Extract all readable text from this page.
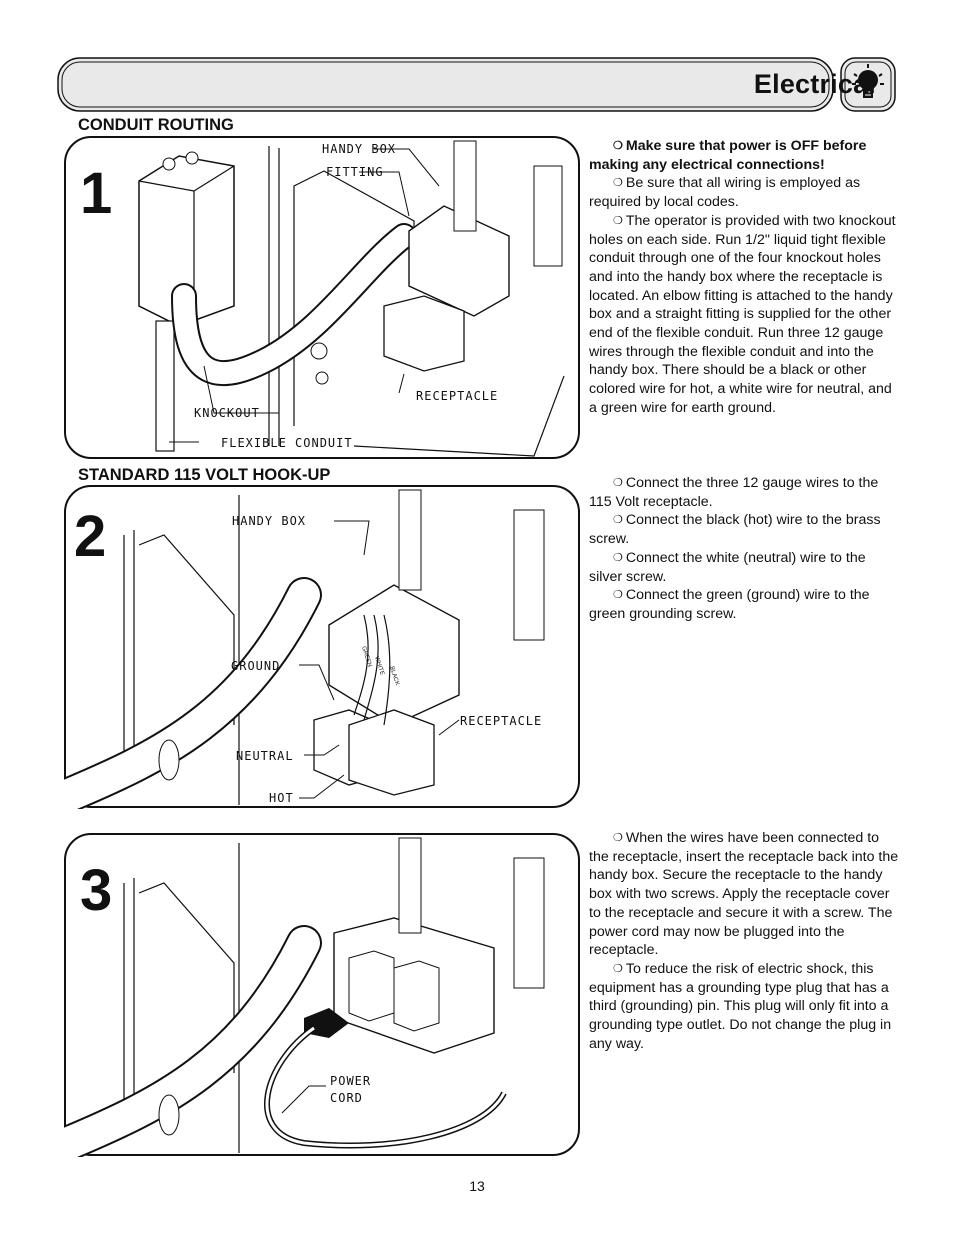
Electrical
CONDUIT ROUTING
STANDARD 115 VOLT HOOK-UP
HANDY BOX
FITTING
RECEPTACLE
KNOCKOUT
FLEXIBLE CONDUIT
1
HANDY BOX
GROUND
NEUTRAL
HOT
RECEPTACLE
GREEN WHITE BLACK
2
POWER
CORD
3

❍ Make sure that power is OFF before making any electrical connections!

❍ Be sure that all wiring is employed as required by local codes.

❍ The operator is provided with two knockout holes on each side. Run 1/2" liquid tight flexible conduit through one of the four knockout holes and into the handy box where the receptacle is located. An elbow fitting is attached to the handy box and a straight fitting is supplied for the other end of the flexible conduit. Run three 12 gauge wires through the flexible conduit and into the handy box. There should be a black or other colored wire for hot, a white wire for neutral, and a green wire for earth ground.

❍ Connect the three 12 gauge wires to the 115 Volt receptacle.

❍ Connect the black (hot) wire to the brass screw.

❍ Connect the white (neutral) wire to the silver screw.

❍ Connect the green (ground) wire to the green grounding screw.

❍ When the wires have been connected to the receptacle, insert the receptacle back into the handy box. Secure the receptacle to the handy box with two screws. Apply the receptacle cover to the receptacle and secure it with a screw. The power cord may now be plugged into the receptacle.

❍ To reduce the risk of electric shock, this equipment has a grounding type plug that has a third (grounding) pin. This plug will only fit into a grounding type outlet. Do not change the plug in any way.

13
